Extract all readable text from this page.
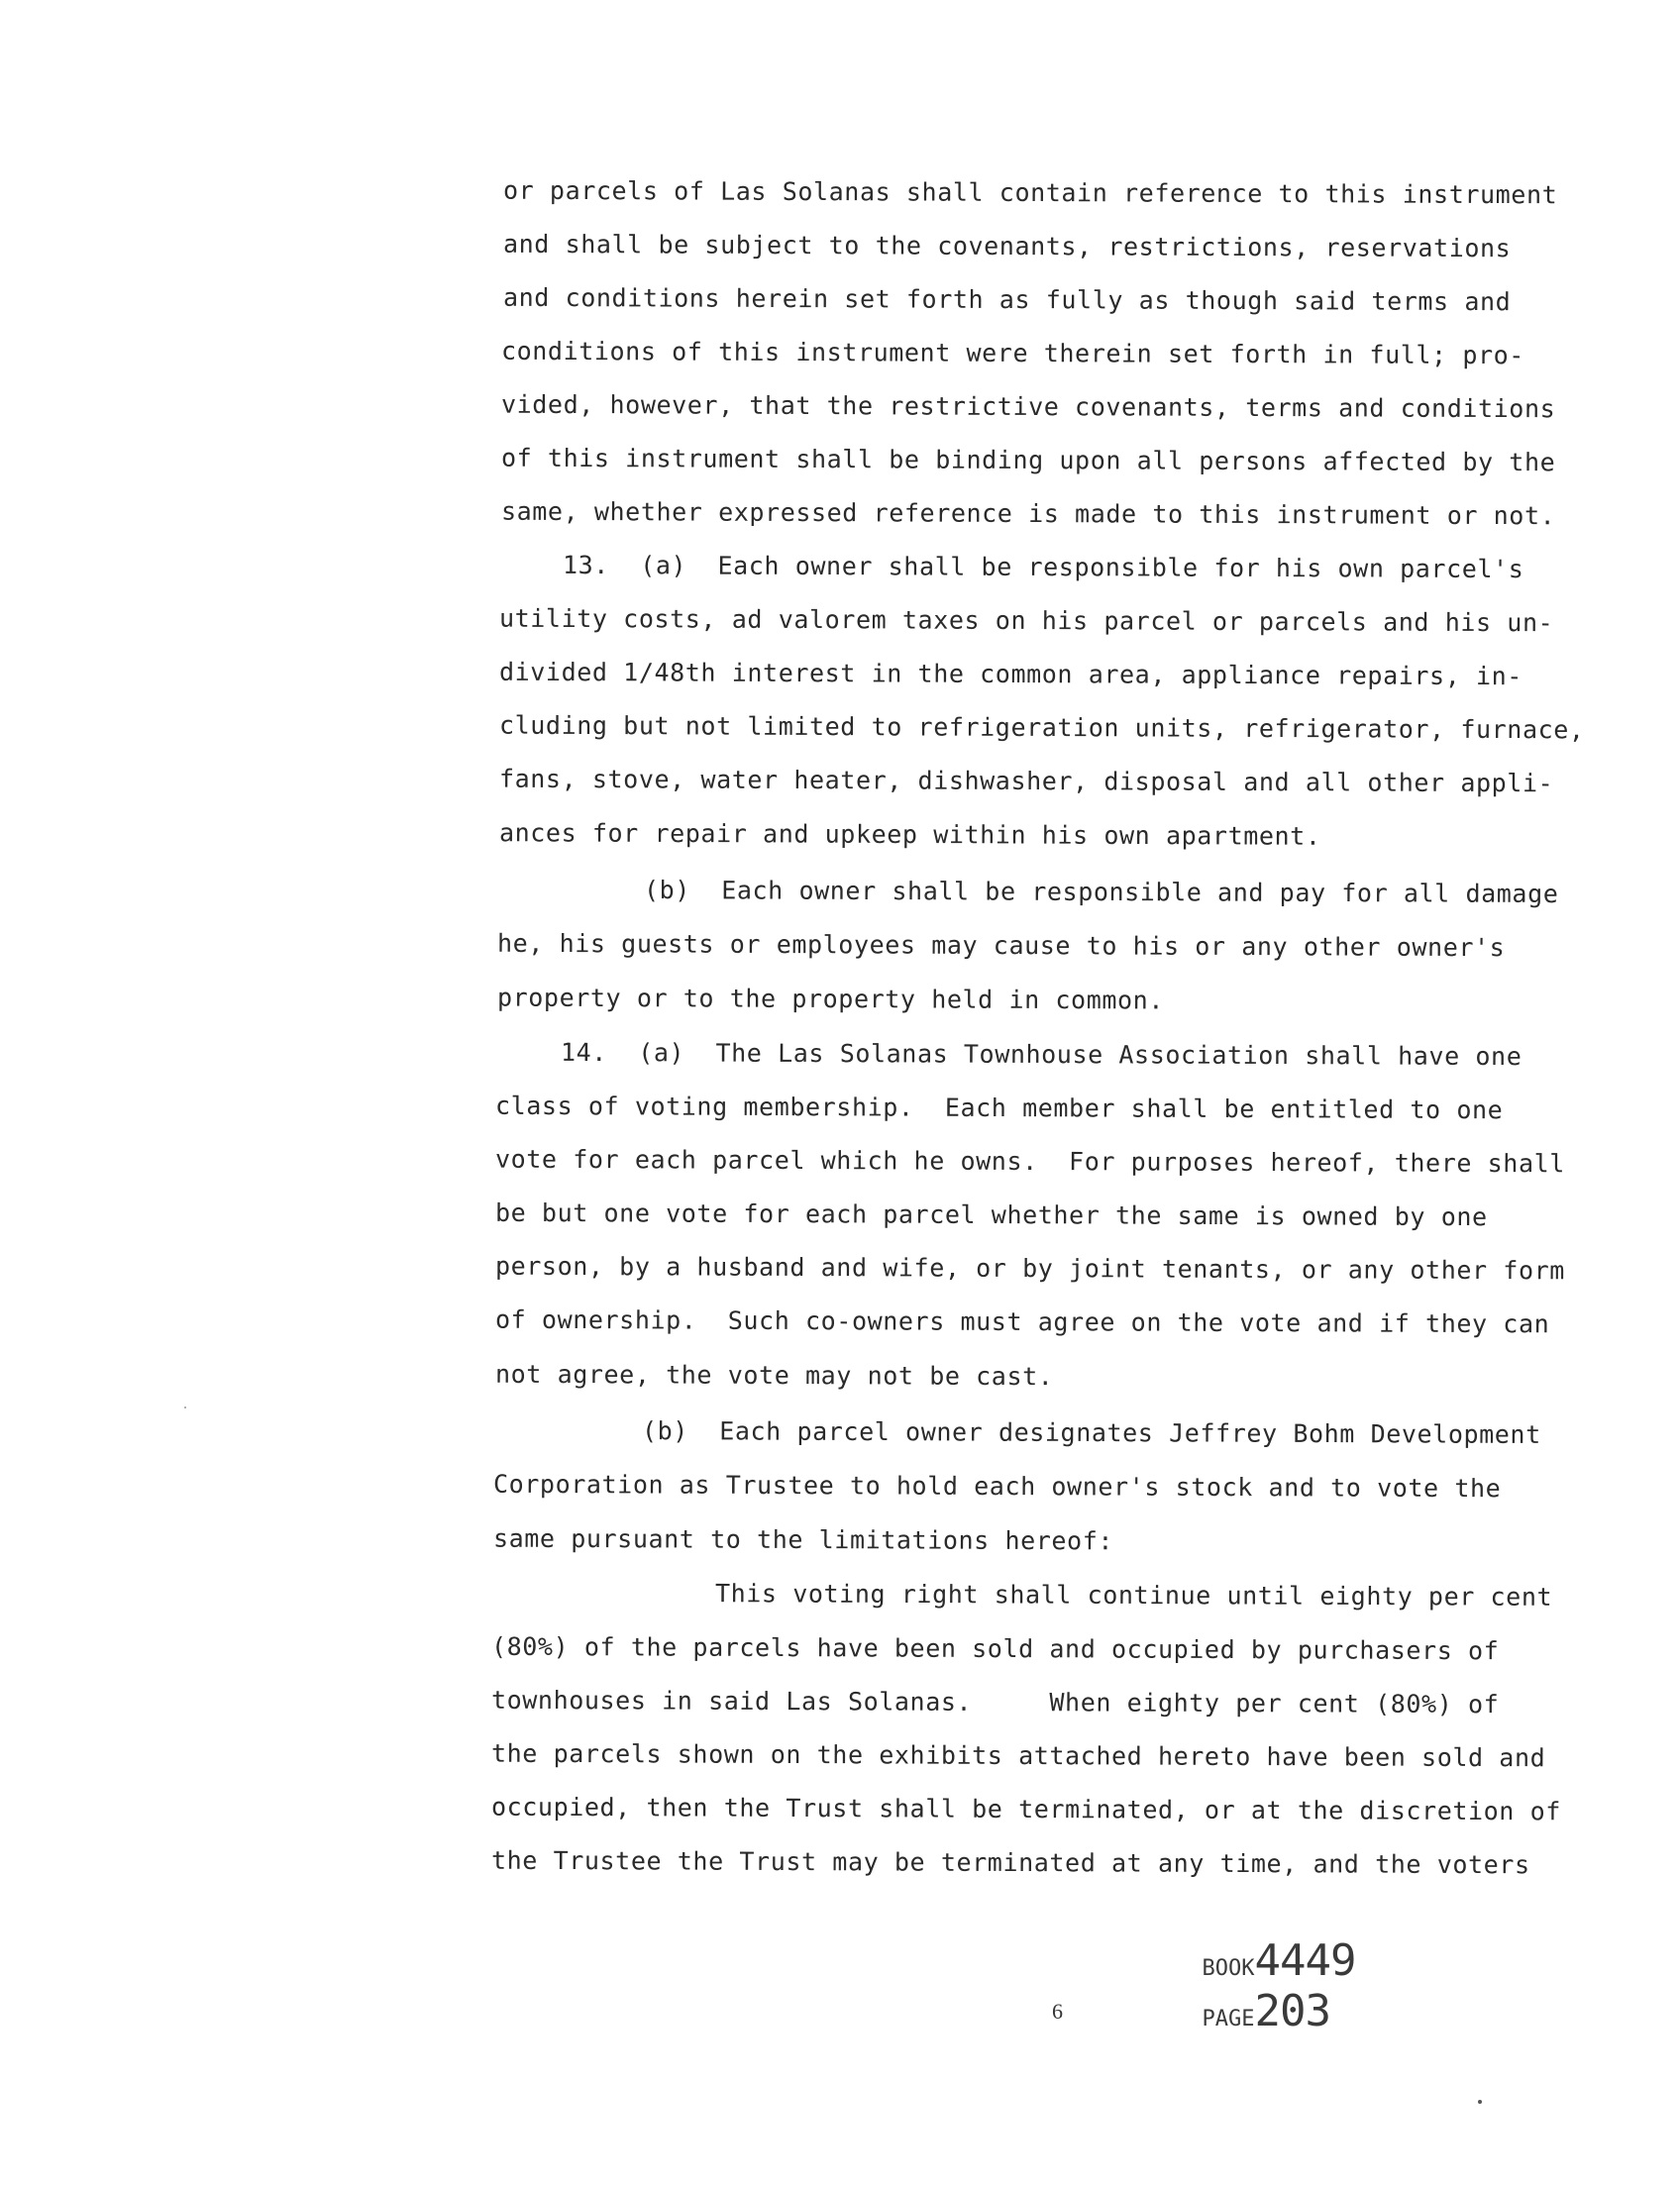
or parcels of Las Solanas shall contain reference to this instrument
and shall be subject to the covenants, restrictions, reservations
and conditions herein set forth as fully as though said terms and
conditions of this instrument were therein set forth in full; pro-
vided, however, that the restrictive covenants, terms and conditions
of this instrument shall be binding upon all persons affected by the
same, whether expressed reference is made to this instrument or not.
13.  (a)  Each owner shall be responsible for his own parcel's
utility costs, ad valorem taxes on his parcel or parcels and his un-
divided 1/48th interest in the common area, appliance repairs, in-
cluding but not limited to refrigeration units, refrigerator, furnace,
fans, stove, water heater, dishwasher, disposal and all other appli-
ances for repair and upkeep within his own apartment.
(b)  Each owner shall be responsible and pay for all damage
he, his guests or employees may cause to his or any other owner's
property or to the property held in common.
14.  (a)  The Las Solanas Townhouse Association shall have one
class of voting membership.  Each member shall be entitled to one
vote for each parcel which he owns.  For purposes hereof, there shall
be but one vote for each parcel whether the same is owned by one
person, by a husband and wife, or by joint tenants, or any other form
of ownership.  Such co-owners must agree on the vote and if they can
not agree, the vote may not be cast.
(b)  Each parcel owner designates Jeffrey Bohm Development
Corporation as Trustee to hold each owner's stock and to vote the
same pursuant to the limitations hereof:
This voting right shall continue until eighty per cent
(80%) of the parcels have been sold and occupied by purchasers of
townhouses in said Las Solanas.     When eighty per cent (80%) of
the parcels shown on the exhibits attached hereto have been sold and
occupied, then the Trust shall be terminated, or at the discretion of
the Trustee the Trust may be terminated at any time, and the voters

BOOK4449
PAGE203

6
